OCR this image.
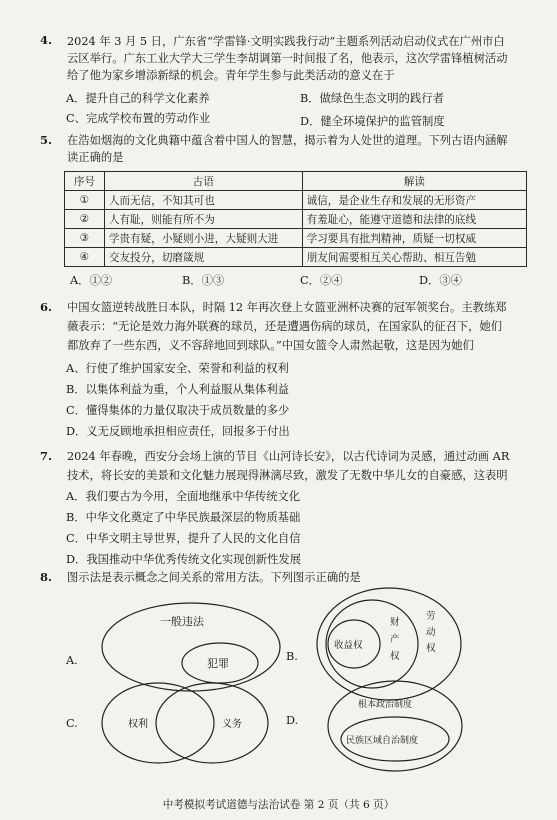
4. 2024 年 3 月 5 日，广东省“学雷锋·文明实践我行动”主题系列活动启动仪式在广州市白
云区举行。广东工业大学大三学生李胡调第一时间报了名，他表示，这次学雷锋植树活动
给了他为家乡增添新绿的机会。青年学生参与此类活动的意义在于
A．提升自己的科学文化素养	B．做绿色生态文明的践行者
C、完成学校布置的劳动作业	D．健全环境保护的监管制度
5. 在浩如烟海的文化典籍中蕴含着中国人的智慧，揭示着为人处世的道理。下列古语内涵解
读正确的是
序号	古语	解读
①	人而无信，不知其可也	诚信，是企业生存和发展的无形资产
②	人有耻，则能有所不为	有羞耻心，能遵守道德和法律的底线
③	学贵有疑，小疑则小进，大疑则大进	学习要具有批判精神，质疑一切权威
④	交友投分，切磨箴规	朋友间需要相互关心帮助、相互告勉
A．①②	B．①③	C．②④	D．③④
6. 中国女篮逆转战胜日本队，时隔 12 年再次登上女篮亚洲杯决赛的冠军领奖台。主教练郑
薇表示：“无论是效力海外联赛的球员，还是遭遇伤病的球员，在国家队的征召下，她们
都放弃了一些东西，义不容辞地回到球队。”中国女篮令人肃然起敬，这是因为她们
A、行使了维护国家安全、荣誉和利益的权利
B．以集体利益为重，个人利益服从集体利益
C．懂得集体的力量仅取决于成员数量的多少
D．义无反顾地承担相应责任，回报多于付出
7. 2024 年春晚，西安分会场上演的节目《山河诗长安》，以古代诗词为灵感，通过动画 AR
技术，将长安的美景和文化魅力展现得淋漓尽致，激发了无数中华儿女的自豪感，这表明
A．我们要古为今用，全面地继承中华传统文化
B．中华文化奠定了中华民族最深层的物质基础
C．中华文明主导世界，提升了人民的文化自信
D．我国推动中华优秀传统文化实现创新性发展
8. 图示法是表示概念之间关系的常用方法。下列图示正确的是
A.
一般违法
犯罪
B.
收益权
财
产
权
劳
动
权
C.	权利	义务	D.
根本政治制度
民族区域自治制度
中考模拟考试道德与法治试卷 第 2 页（共 6 页）
